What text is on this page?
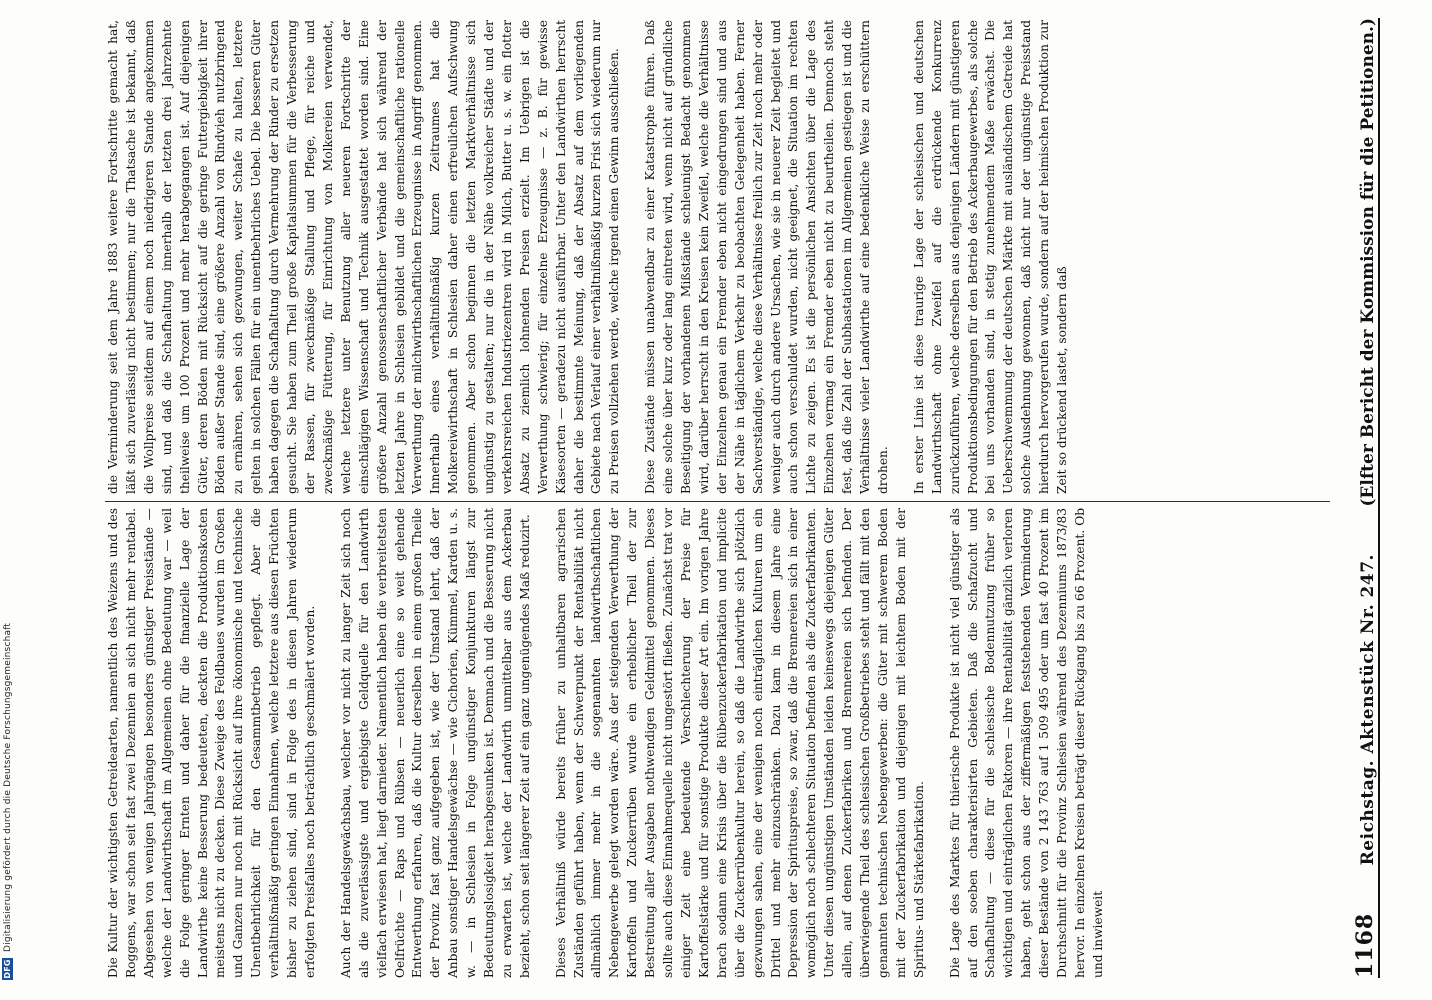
DFG
Digitalisierung gefördert durch die Deutsche Forschungsgemeinschaft	1168
Reichstag. Aktenstück Nr. 247.
(Elfter Bericht der Kommission für die Petitionen.)
Die Kultur der wichtigsten Getreidearten, namentlich des Weizens und des Roggens, war schon seit fast zwei Dezennien an sich nicht mehr rentabel. Abgesehen von wenigen Jahrgängen besonders günstiger Preisstände — welche der Landwirthschaft im Allgemeinen ohne Bedeutung war — weil die Folge geringer Ernten und daher für die finanzielle Lage der Landwirthe keine Besserung bedeuteten, deckten die Produktionskosten meistens nicht zu decken. Diese Zweige des Feldbaues wurden im Großen und Ganzen nur noch mit Rücksicht auf ihre ökonomische und technische Unentbehrlichkeit für den Gesammtbetrieb gepflegt. Aber die verhältnißmäßig geringen Einnahmen, welche letztere aus diesen Früchten bisher zu ziehen sind, sind in Folge des in diesen Jahren wiederum erfolgten Preisfalles noch beträchtlich geschmälert worden.

Auch der Handelsgewächsbau, welcher vor nicht zu langer Zeit sich noch als die zuverlässigste und ergiebigste Geldquelle für den Landwirth vielfach erwiesen hat, liegt darnieder. Namentlich haben die verbreitetsten Oelfrüchte — Raps und Rübsen — neuerlich eine so weit gehende Entwerthung erfahren, daß die Kultur derselben in einem großen Theile der Provinz fast ganz aufgegeben ist, wie der Umstand lehrt, daß der Anbau sonstiger Handelsgewächse — wie Cichorien, Kümmel, Karden u. s. w. — in Schlesien in Folge ungünstiger Konjunkturen längst zur Bedeutungslosigkeit herabgesunken ist. Demnach und die Besserung nicht zu erwarten ist, welche der Landwirth unmittelbar aus dem Ackerbau bezieht, schon seit längerer Zeit auf ein ganz ungenügendes Maß reduzirt.

Dieses Verhältniß würde bereits früher zu unhaltbaren agrarischen Zuständen geführt haben, wenn der Schwerpunkt der Rentabilität nicht allmählich immer mehr in die sogenannten landwirthschaftlichen Nebengewerbe gelegt worden wäre. Aus der steigenden Verwerthung der Kartoffeln und Zuckerrüben wurde ein erheblicher Theil der zur Bestreitung aller Ausgaben nothwendigen Geldmittel genommen. Dieses sollte auch diese Einnahmequelle nicht ungestört fließen. Zunächst trat vor einiger Zeit eine bedeutende Verschlechterung der Preise für Kartoffelstärke und für sonstige Produkte dieser Art ein. Im vorigen Jahre brach sodann eine Krisis über die Rübenzuckerfabrikation und implicite über die Zuckerrübenkultur herein, so daß die Landwirthe sich plötzlich gezwungen sahen, eine der wenigen noch einträglichen Kulturen um ein Drittel und mehr einzuschränken. Dazu kam in diesem Jahre eine Depression der Spirituspreise, so zwar, daß die Brennereien sich in einer womöglich noch schlechteren Situation befinden als die Zuckerfabrikanten. Unter diesen ungünstigen Umständen leiden keineswegs diejenigen Güter allein, auf denen Zuckerfabriken und Brennereien sich befinden. Der überwiegende Theil des schlesischen Großbetriebes steht und fällt mit den genannten technischen Nebengewerben: die Güter mit schwerem Boden mit der Zuckerfabrikation und diejenigen mit leichtem Boden mit der Spiritus- und Stärkefabrikation.

Die Lage des Marktes für thierische Produkte ist nicht viel günstiger als auf den soeben charakterisirten Gebieten. Daß die Schafzucht und Schafhaltung — diese für die schlesische Bodennutzung früher so wichtigen und einträglichen Faktoren — ihre Rentabilität gänzlich verloren haben, geht schon aus der ziffermäßigen feststehenden Verminderung dieser Bestände von 2 143 763 auf 1 509 495 oder um fast 40 Prozent im Durchschnitt für die Provinz Schlesien während des Dezenniums 1873/83 hervor. In einzelnen Kreisen beträgt dieser Rückgang bis zu 66 Prozent. Ob und inwieweit
die Verminderung seit dem Jahre 1883 weitere Fortschritte gemacht hat, läßt sich zuverlässig nicht bestimmen; nur die Thatsache ist bekannt, daß die Wollpreise seitdem auf einem noch niedrigeren Stande angekommen sind, und daß die Schafhaltung innerhalb der letzten drei Jahrzehnte theilweise um 100 Prozent und mehr herabgegangen ist. Auf diejenigen Güter, deren Böden mit Rücksicht auf die geringe Futtergiebigkeit ihrer Böden außer Stande sind, eine größere Anzahl von Rindvieh nutzbringend zu ernähren, sehen sich gezwungen, weiter Schafe zu halten, letztere gelten in solchen Fällen für ein unentbehrliches Uebel. Die besseren Güter haben dagegen die Schafhaltung durch Vermehrung der Rinder zu ersetzen gesucht. Sie haben zum Theil große Kapitalsummen für die Verbesserung der Rassen, für zweckmäßige Stallung und Pflege, für reiche und zweckmäßige Fütterung, für Einrichtung von Molkereien verwendet, welche letztere unter Benutzung aller neueren Fortschritte der einschlägigen Wissenschaft und Technik ausgestattet worden sind. Eine größere Anzahl genossenschaftlicher Verbände hat sich während der letzten Jahre in Schlesien gebildet und die gemeinschaftliche rationelle Verwerthung der milchwirthschaftlichen Erzeugnisse in Angriff genommen. Innerhalb eines verhältnißmäßig kurzen Zeitraumes hat die Molkereiwirthschaft in Schlesien daher einen erfreulichen Aufschwung genommen. Aber schon beginnen die letzten Marktverhältnisse sich ungünstig zu gestalten; nur die in der Nähe volkreicher Städte und der verkehrsreichen Industriezentren wird in Milch, Butter u. s. w. ein flotter Absatz zu ziemlich lohnenden Preisen erzielt. Im Uebrigen ist die Verwerthung schwierig; für einzelne Erzeugnisse — z. B. für gewisse Käsesorten — geradezu nicht ausführbar. Unter den Landwirthen herrscht daher die bestimmte Meinung, daß der Absatz auf dem vorliegenden Gebiete nach Verlauf einer verhältnißmäßig kurzen Frist sich wiederum nur zu Preisen vollziehen werde, welche irgend einen Gewinn ausschließen.

Diese Zustände müssen unabwendbar zu einer Katastrophe führen. Daß eine solche über kurz oder lang eintreten wird, wenn nicht auf gründliche Beseitigung der vorhandenen Mißstände schleunigst Bedacht genommen wird, darüber herrscht in den Kreisen kein Zweifel, welche die Verhältnisse der Einzelnen genau ein Fremder eben nicht eingedrungen sind und aus der Nähe in täglichem Verkehr zu beobachten Gelegenheit haben. Ferner Sachverständige, welche diese Verhältnisse freilich zur Zeit noch mehr oder weniger auch durch andere Ursachen, wie sie in neuerer Zeit begleitet und auch schon verschuldet wurden, nicht geeignet, die Situation im rechten Lichte zu zeigen. Es ist die persönlichen Ansichten über die Lage des Einzelnen vermag ein Fremder eben nicht zu beurtheilen. Dennoch steht fest, daß die Zahl der Subhastationen im Allgemeinen gestiegen ist und die Verhältnisse vieler Landwirthe auf eine bedenkliche Weise zu erschüttern drohen.

In erster Linie ist diese traurige Lage der schlesischen und deutschen Landwirthschaft ohne Zweifel auf die erdrückende Konkurrenz zurückzuführen, welche derselben aus denjenigen Ländern mit günstigeren Produktionsbedingungen für den Betrieb des Ackerbaugewerbes, als solche bei uns vorhanden sind, in stetig zunehmendem Maße erwächst. Die Ueberschwemmung der deutschen Märkte mit ausländischem Getreide hat solche Ausdehnung gewonnen, daß nicht nur der ungünstige Preisstand hierdurch hervorgerufen wurde, sondern auf der heimischen Produktion zur Zeit so drückend lastet, sondern daß
